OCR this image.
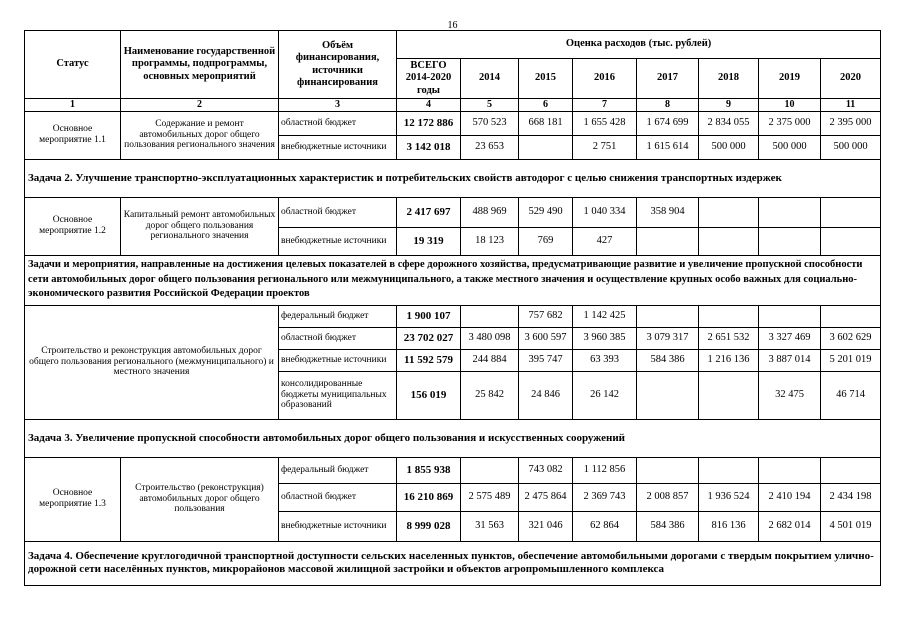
16
Статус	Наименование государственной программы, подпрограммы, основных мероприятий	Объём финансирования, источники финансирования	Оценка расходов (тыс. рублей)							
			ВСЕГО 2014-2020 годы	2014	2015	2016	2017	2018	2019	2020
1	2	3	4	5	6	7	8	9	10	11
Основное мероприятие 1.1	Содержание и ремонт автомобильных дорог общего пользования регионального значения	областной бюджет	12 172 886	570 523	668 181	1 655 428	1 674 699	2 834 055	2 375 000	2 395 000
		внебюджетные источники	3 142 018	23 653		2 751	1 615 614	500 000	500 000	500 000
Задача 2. Улучшение транспортно-эксплуатационных характеристик и потребительских свойств автодорог с целью снижения транспортных издержек										
Основное мероприятие 1.2	Капитальный ремонт автомобильных дорог общего пользования регионального значения	областной бюджет	2 417 697	488 969	529 490	1 040 334	358 904			
		внебюджетные источники	19 319	18 123	769	427				
Задачи и мероприятия, направленные на достижения целевых показателей в сфере дорожного хозяйства, предусматривающие развитие и увеличение пропускной способности сети автомобильных дорог общего пользования регионального или межмуниципального, а также местного значения и осуществление крупных особо важных для социально-экономического развития Российской Федерации проектов										
Строительство и реконструкция автомобильных дорог общего пользования регионального (межмуниципального) и местного значения		федеральный бюджет	1 900 107		757 682	1 142 425				
		областной бюджет	23 702 027	3 480 098	3 600 597	3 960 385	3 079 317	2 651 532	3 327 469	3 602 629
		внебюджетные источники	11 592 579	244 884	395 747	63 393	584 386	1 216 136	3 887 014	5 201 019
		консолидированные бюджеты муниципальных образований	156 019	25 842	24 846	26 142			32 475	46 714
Задача 3. Увеличение пропускной способности автомобильных дорог общего пользования и искусственных сооружений										
Основное мероприятие 1.3	Строительство (реконструкция) автомобильных дорог общего пользования	федеральный бюджет	1 855 938		743 082	1 112 856				
		областной бюджет	16 210 869	2 575 489	2 475 864	2 369 743	2 008 857	1 936 524	2 410 194	2 434 198
		внебюджетные источники	8 999 028	31 563	321 046	62 864	584 386	816 136	2 682 014	4 501 019
Задача 4. Обеспечение круглогодичной транспортной доступности сельских населенных пунктов, обеспечение автомобильными дорогами с твердым покрытием улично-дорожной сети населённых пунктов, микрорайонов массовой жилищной застройки и объектов агропромышленного комплекса										
